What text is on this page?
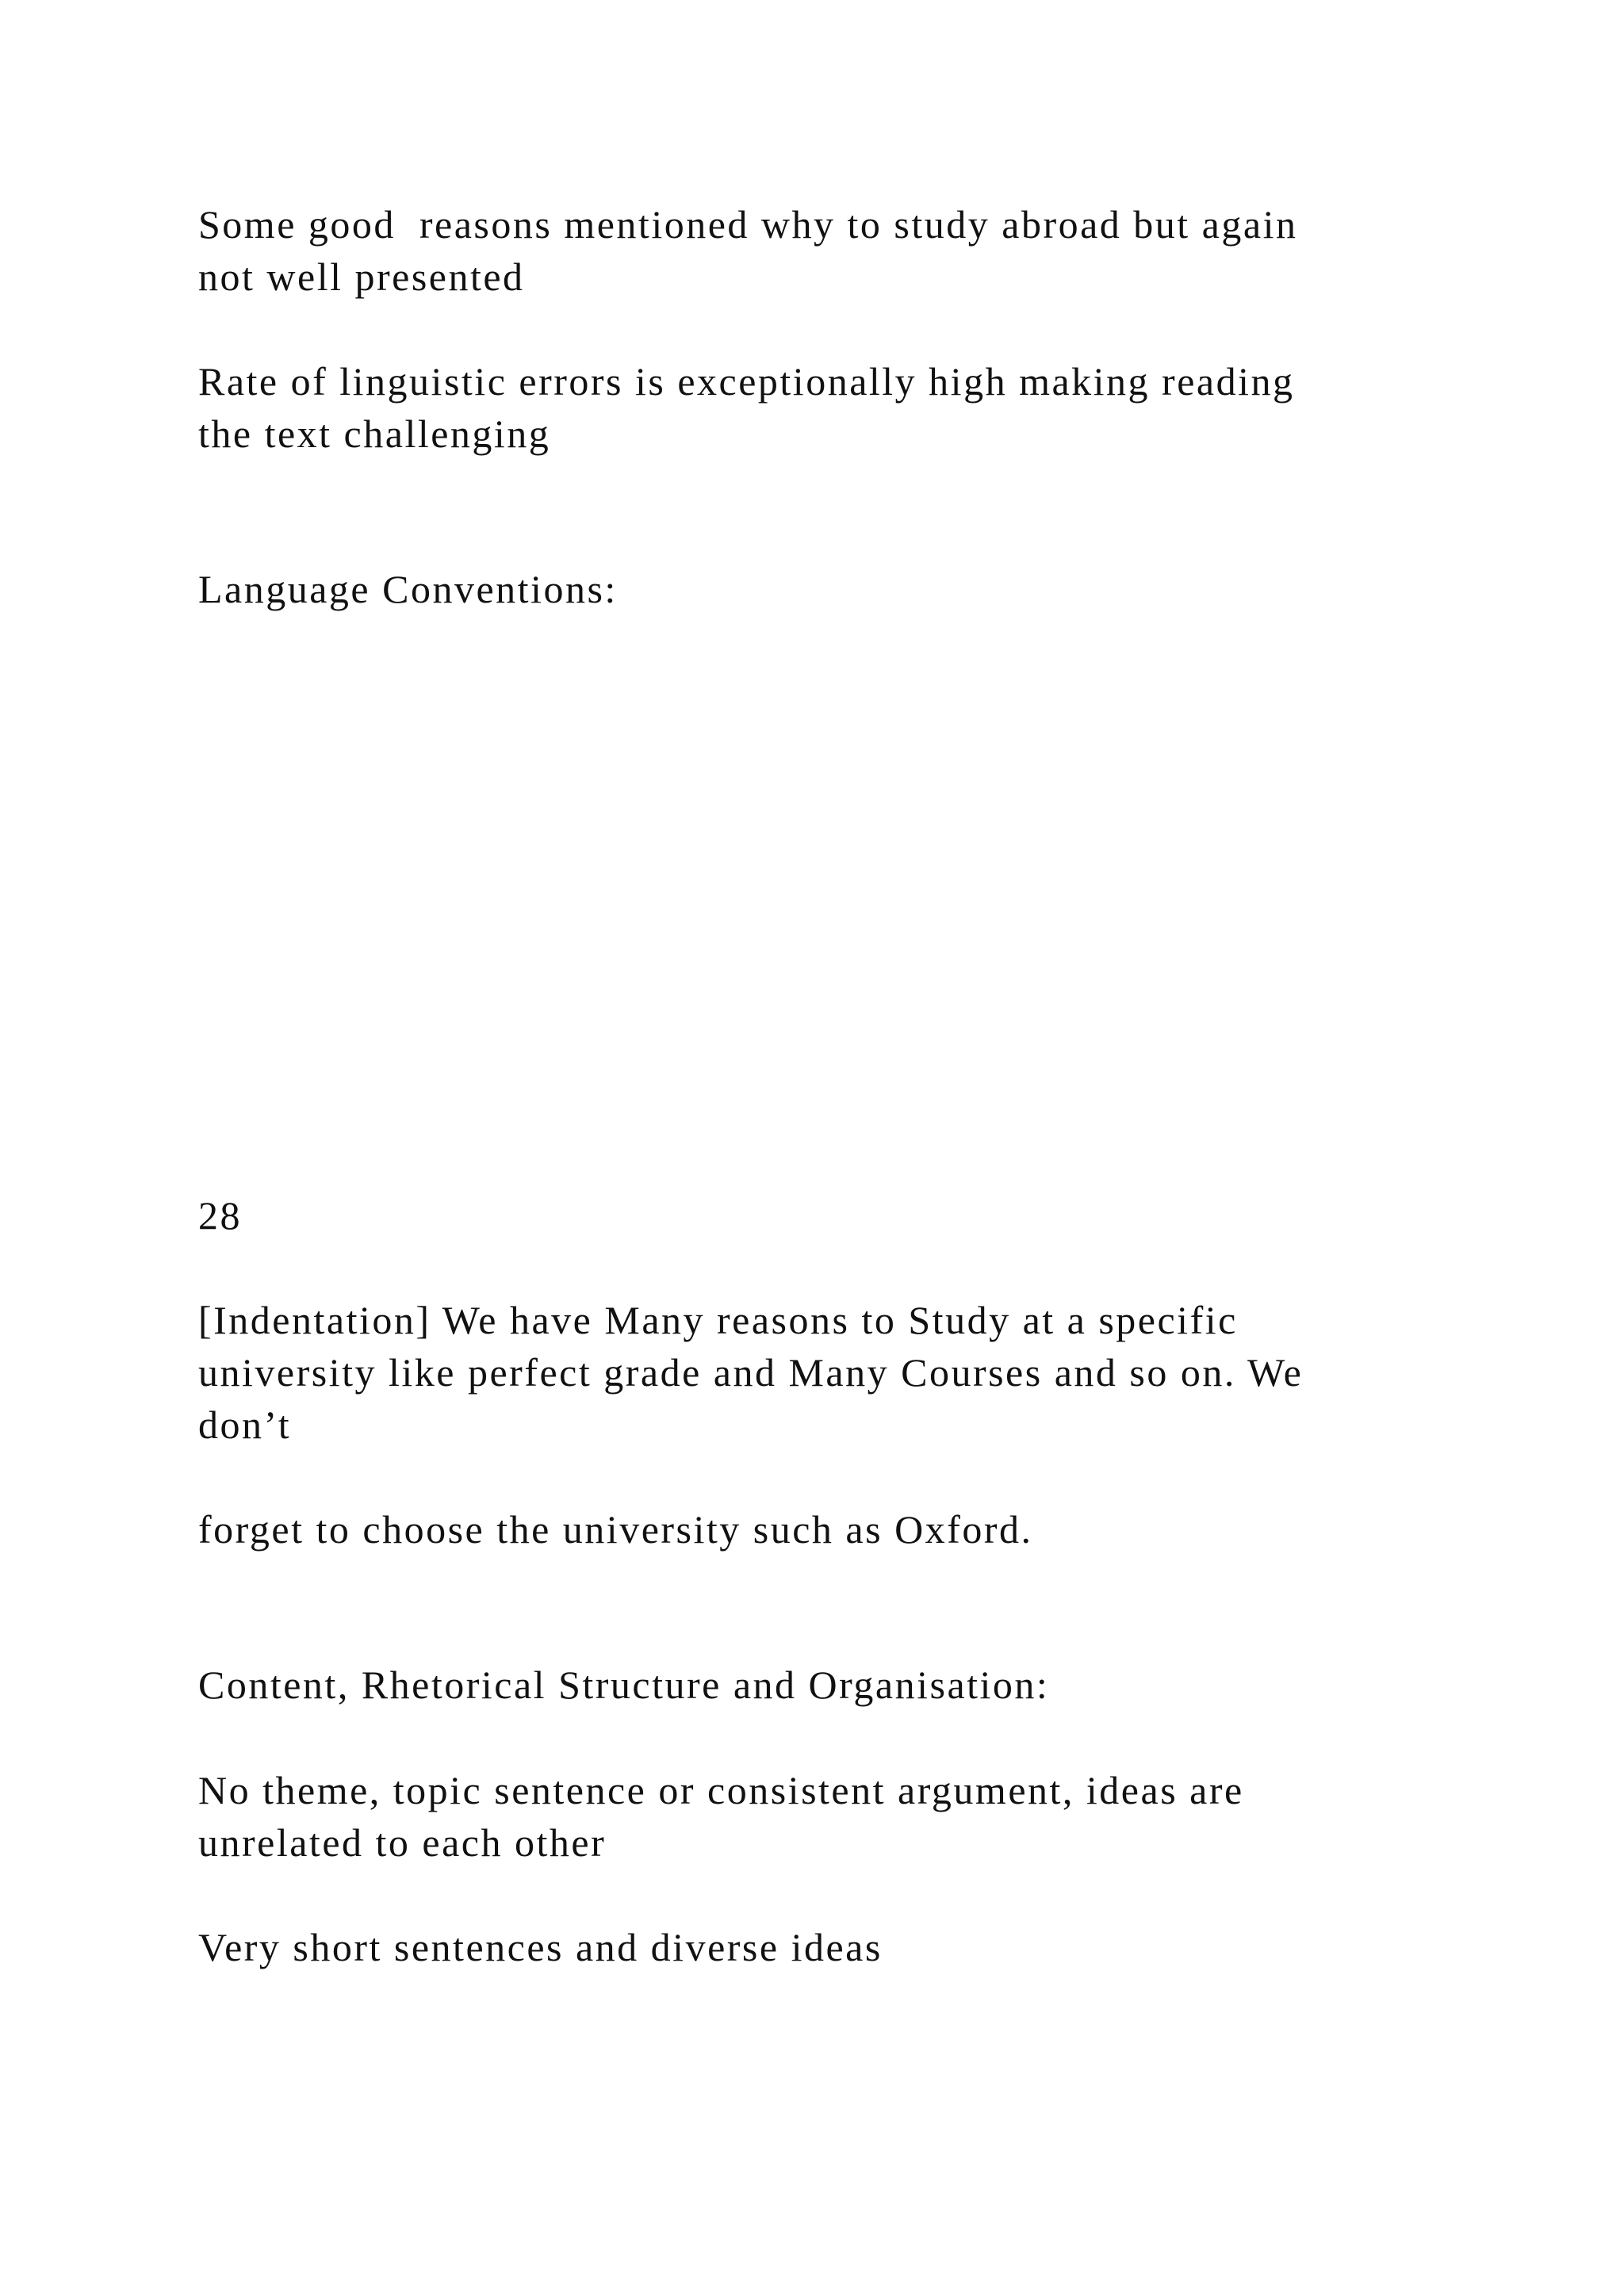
Some good  reasons mentioned why to study abroad but again

not well presented

Rate of linguistic errors is exceptionally high making reading

the text challenging

Language Conventions:

28

[Indentation] We have Many reasons to Study at a specific

university like perfect grade and Many Courses and so on. We

don’t

forget to choose the university such as Oxford.

Content, Rhetorical Structure and Organisation:

No theme, topic sentence or consistent argument, ideas are

unrelated to each other

Very short sentences and diverse ideas
